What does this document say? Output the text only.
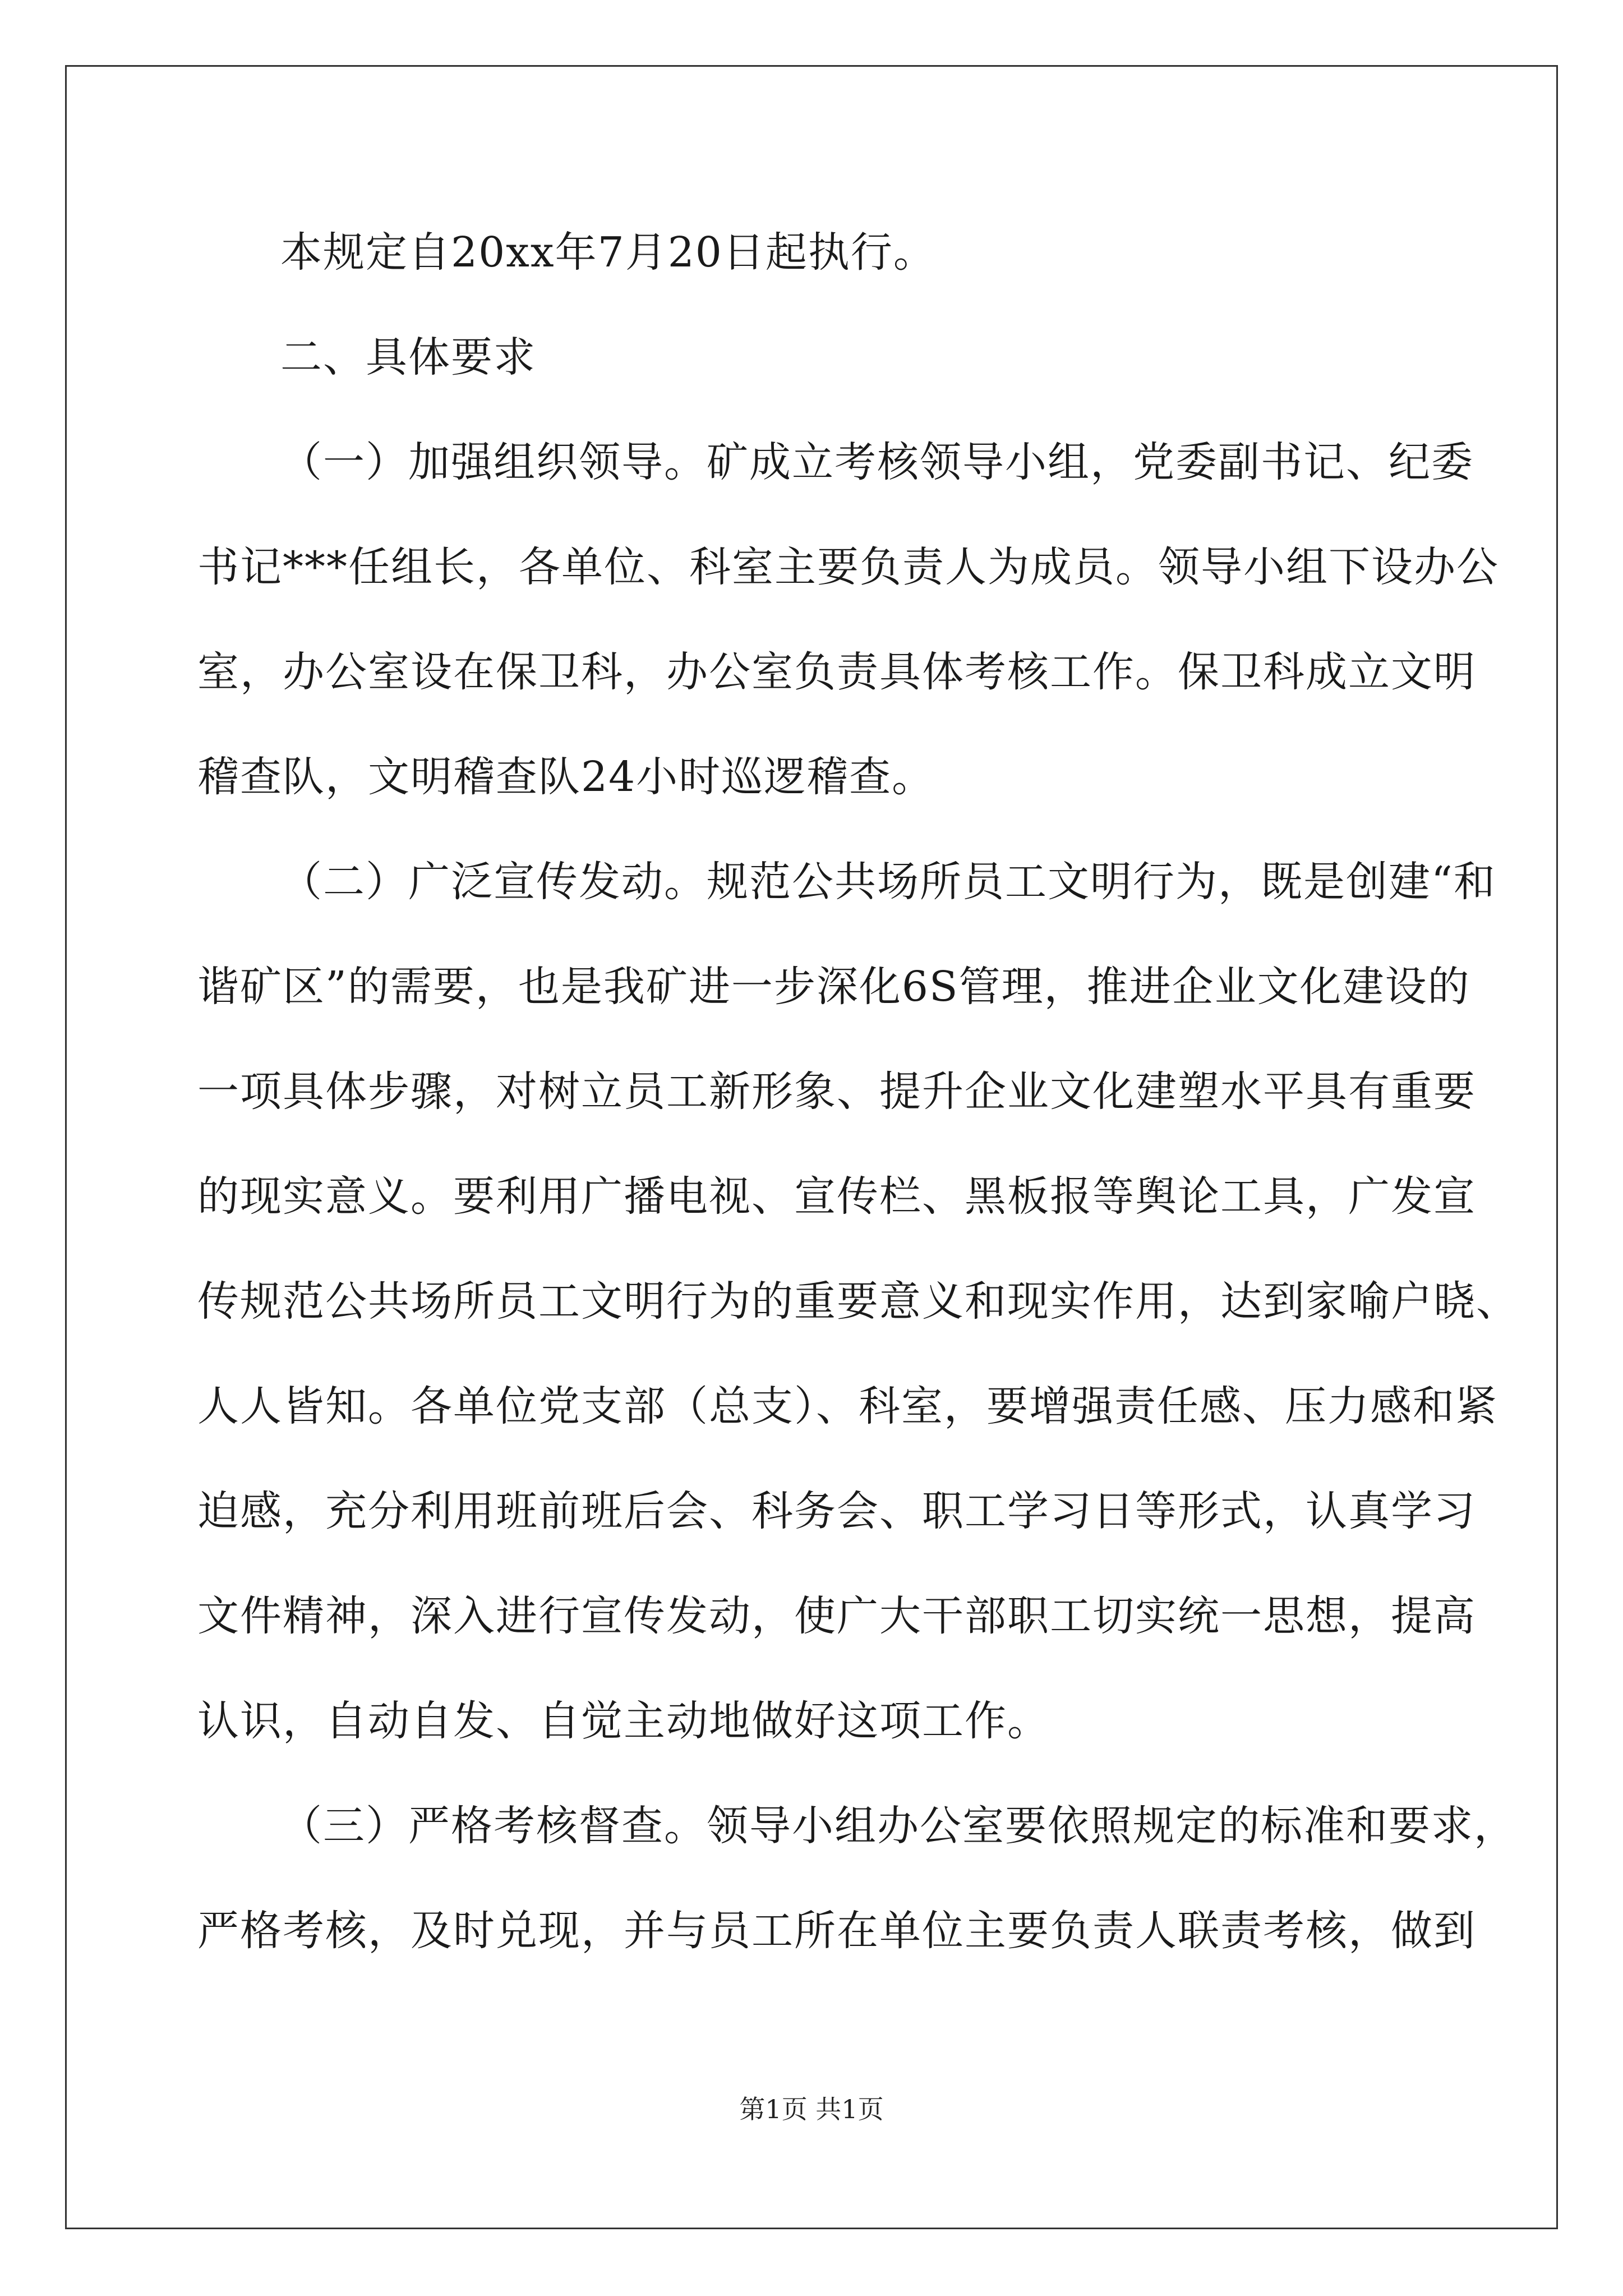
本规定自20xx年7月20日起执行。
二、具体要求
（一）加强组织领导。矿成立考核领导小组，党委副书记、纪委
书记***任组长，各单位、科室主要负责人为成员。领导小组下设办公
室，办公室设在保卫科，办公室负责具体考核工作。保卫科成立文明
稽查队，文明稽查队24小时巡逻稽查。
（二）广泛宣传发动。规范公共场所员工文明行为，既是创建“和
谐矿区”的需要，也是我矿进一步深化6S管理，推进企业文化建设的
一项具体步骤，对树立员工新形象、提升企业文化建塑水平具有重要
的现实意义。要利用广播电视、宣传栏、黑板报等舆论工具，广发宣
传规范公共场所员工文明行为的重要意义和现实作用，达到家喻户晓、
人人皆知。各单位党支部（总支）、科室，要增强责任感、压力感和紧
迫感，充分利用班前班后会、科务会、职工学习日等形式，认真学习
文件精神，深入进行宣传发动，使广大干部职工切实统一思想，提高
认识，自动自发、自觉主动地做好这项工作。
（三）严格考核督查。领导小组办公室要依照规定的标准和要求，
严格考核，及时兑现，并与员工所在单位主要负责人联责考核，做到
第1页 共1页
